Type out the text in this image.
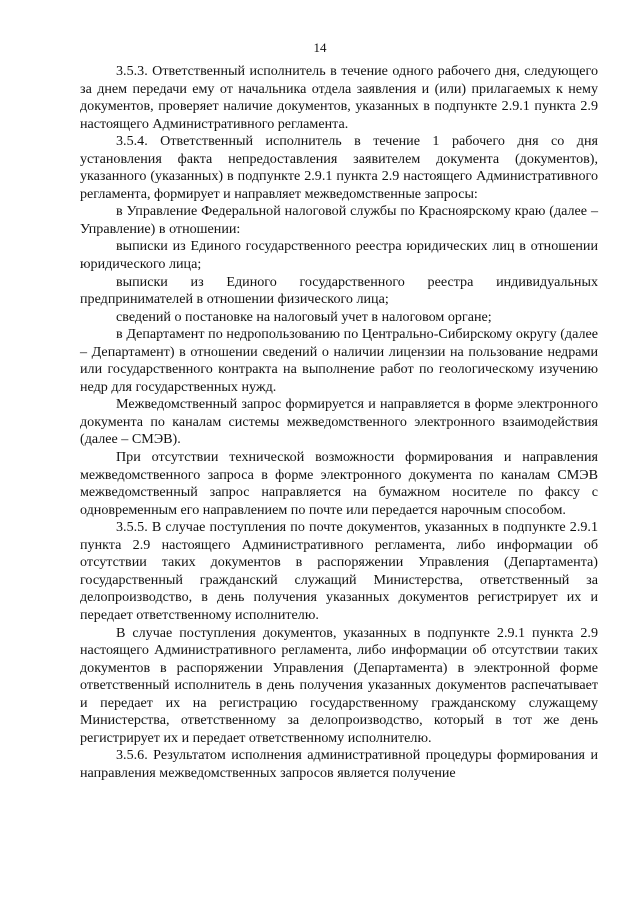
14

3.5.3. Ответственный исполнитель в течение одного рабочего дня, следующего за днем передачи ему от начальника отдела заявления и (или) прилагаемых к нему документов, проверяет наличие документов, указанных в подпункте 2.9.1 пункта 2.9 настоящего Административного регламента.

3.5.4. Ответственный исполнитель в течение 1 рабочего дня со дня установления факта непредоставления заявителем документа (документов), указанного (указанных) в подпункте 2.9.1 пункта 2.9 настоящего Административного регламента, формирует и направляет межведомственные запросы:

в Управление Федеральной налоговой службы по Красноярскому краю (далее – Управление) в отношении:

выписки из Единого государственного реестра юридических лиц в отношении юридического лица;

выписки из Единого государственного реестра индивидуальных предпринимателей в отношении физического лица;

сведений о постановке на налоговый учет в налоговом органе;

в Департамент по недропользованию по Центрально-Сибирскому округу (далее – Департамент) в отношении сведений о наличии лицензии на пользование недрами или государственного контракта на выполнение работ по геологическому изучению недр для государственных нужд.

Межведомственный запрос формируется и направляется в форме электронного документа по каналам системы межведомственного электронного взаимодействия (далее – СМЭВ).

При отсутствии технической возможности формирования и направления межведомственного запроса в форме электронного документа по каналам СМЭВ межведомственный запрос направляется на бумажном носителе по факсу с одновременным его направлением по почте или передается нарочным способом.

3.5.5. В случае поступления по почте документов, указанных в подпункте 2.9.1 пункта 2.9 настоящего Административного регламента, либо информации об отсутствии таких документов в распоряжении Управления (Департамента) государственный гражданский служащий Министерства, ответственный за делопроизводство, в день получения указанных документов регистрирует их и передает ответственному исполнителю.

В случае поступления документов, указанных в подпункте 2.9.1 пункта 2.9 настоящего Административного регламента, либо информации об отсутствии таких документов в распоряжении Управления (Департамента) в электронной форме ответственный исполнитель в день получения указанных документов распечатывает и передает их на регистрацию государственному гражданскому служащему Министерства, ответственному за делопроизводство, который в тот же день регистрирует их и передает ответственному исполнителю.

3.5.6. Результатом исполнения административной процедуры формирования и направления межведомственных запросов является получение
